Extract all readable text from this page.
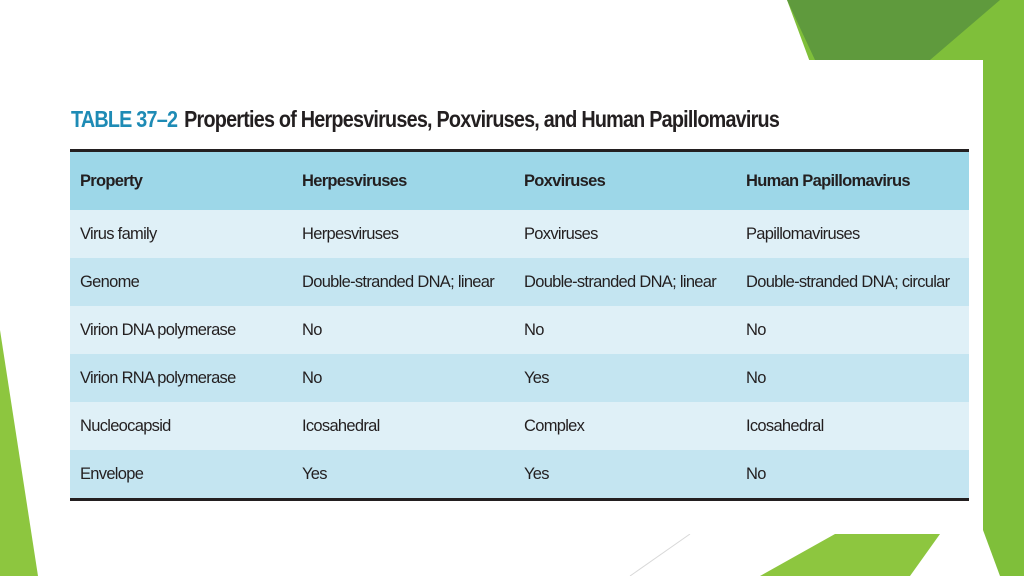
TABLE 37–2 Properties of Herpesviruses, Poxviruses, and Human Papillomavirus
Property	Herpesviruses	Poxviruses	Human Papillomavirus
Virus family	Herpesviruses	Poxviruses	Papillomaviruses
Genome	Double-stranded DNA; linear	Double-stranded DNA; linear	Double-stranded DNA; circular
Virion DNA polymerase	No	No	No
Virion RNA polymerase	No	Yes	No
Nucleocapsid	Icosahedral	Complex	Icosahedral
Envelope	Yes	Yes	No
